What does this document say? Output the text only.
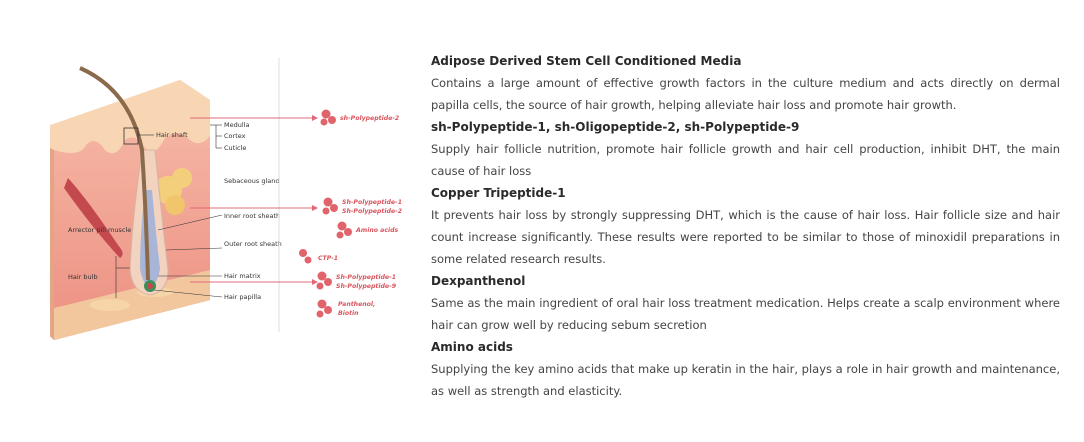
Hair shaft
Medulla
Cortex
Cuticle
Sebaceous gland
Inner root sheath
Outer root sheath
Arrector pili muscle
Hair bulb	Hair matrix
Hair papilla
sh-Polypeptide-2
Sh-Polypeptide-1
Sh-Polypeptide-2
Amino acids
CTP-1
Sh-Polypeptide-1
Sh-Polypeptide-9
Panthenol,
Biotin
Adipose Derived Stem Cell Conditioned Media

Contains a large amount of effective growth factors in the culture medium and acts directly on dermal papilla cells, the source of hair growth, helping alleviate hair loss and promote hair growth.

sh-Polypeptide-1, sh-Oligopeptide-2, sh-Polypeptide-9

Supply hair follicle nutrition, promote hair follicle growth and hair cell production, inhibit DHT, the main cause of hair loss

Copper Tripeptide-1

It prevents hair loss by strongly suppressing DHT, which is the cause of hair loss. Hair follicle size and hair count increase significantly. These results were reported to be similar to those of minoxidil preparations in some related research results.

Dexpanthenol

Same as the main ingredient of oral hair loss treatment medication. Helps create a scalp environment where hair can grow well by reducing sebum secretion

Amino acids

Supplying the key amino acids that make up keratin in the hair, plays a role in hair growth and maintenance, as well as strength and elasticity.
